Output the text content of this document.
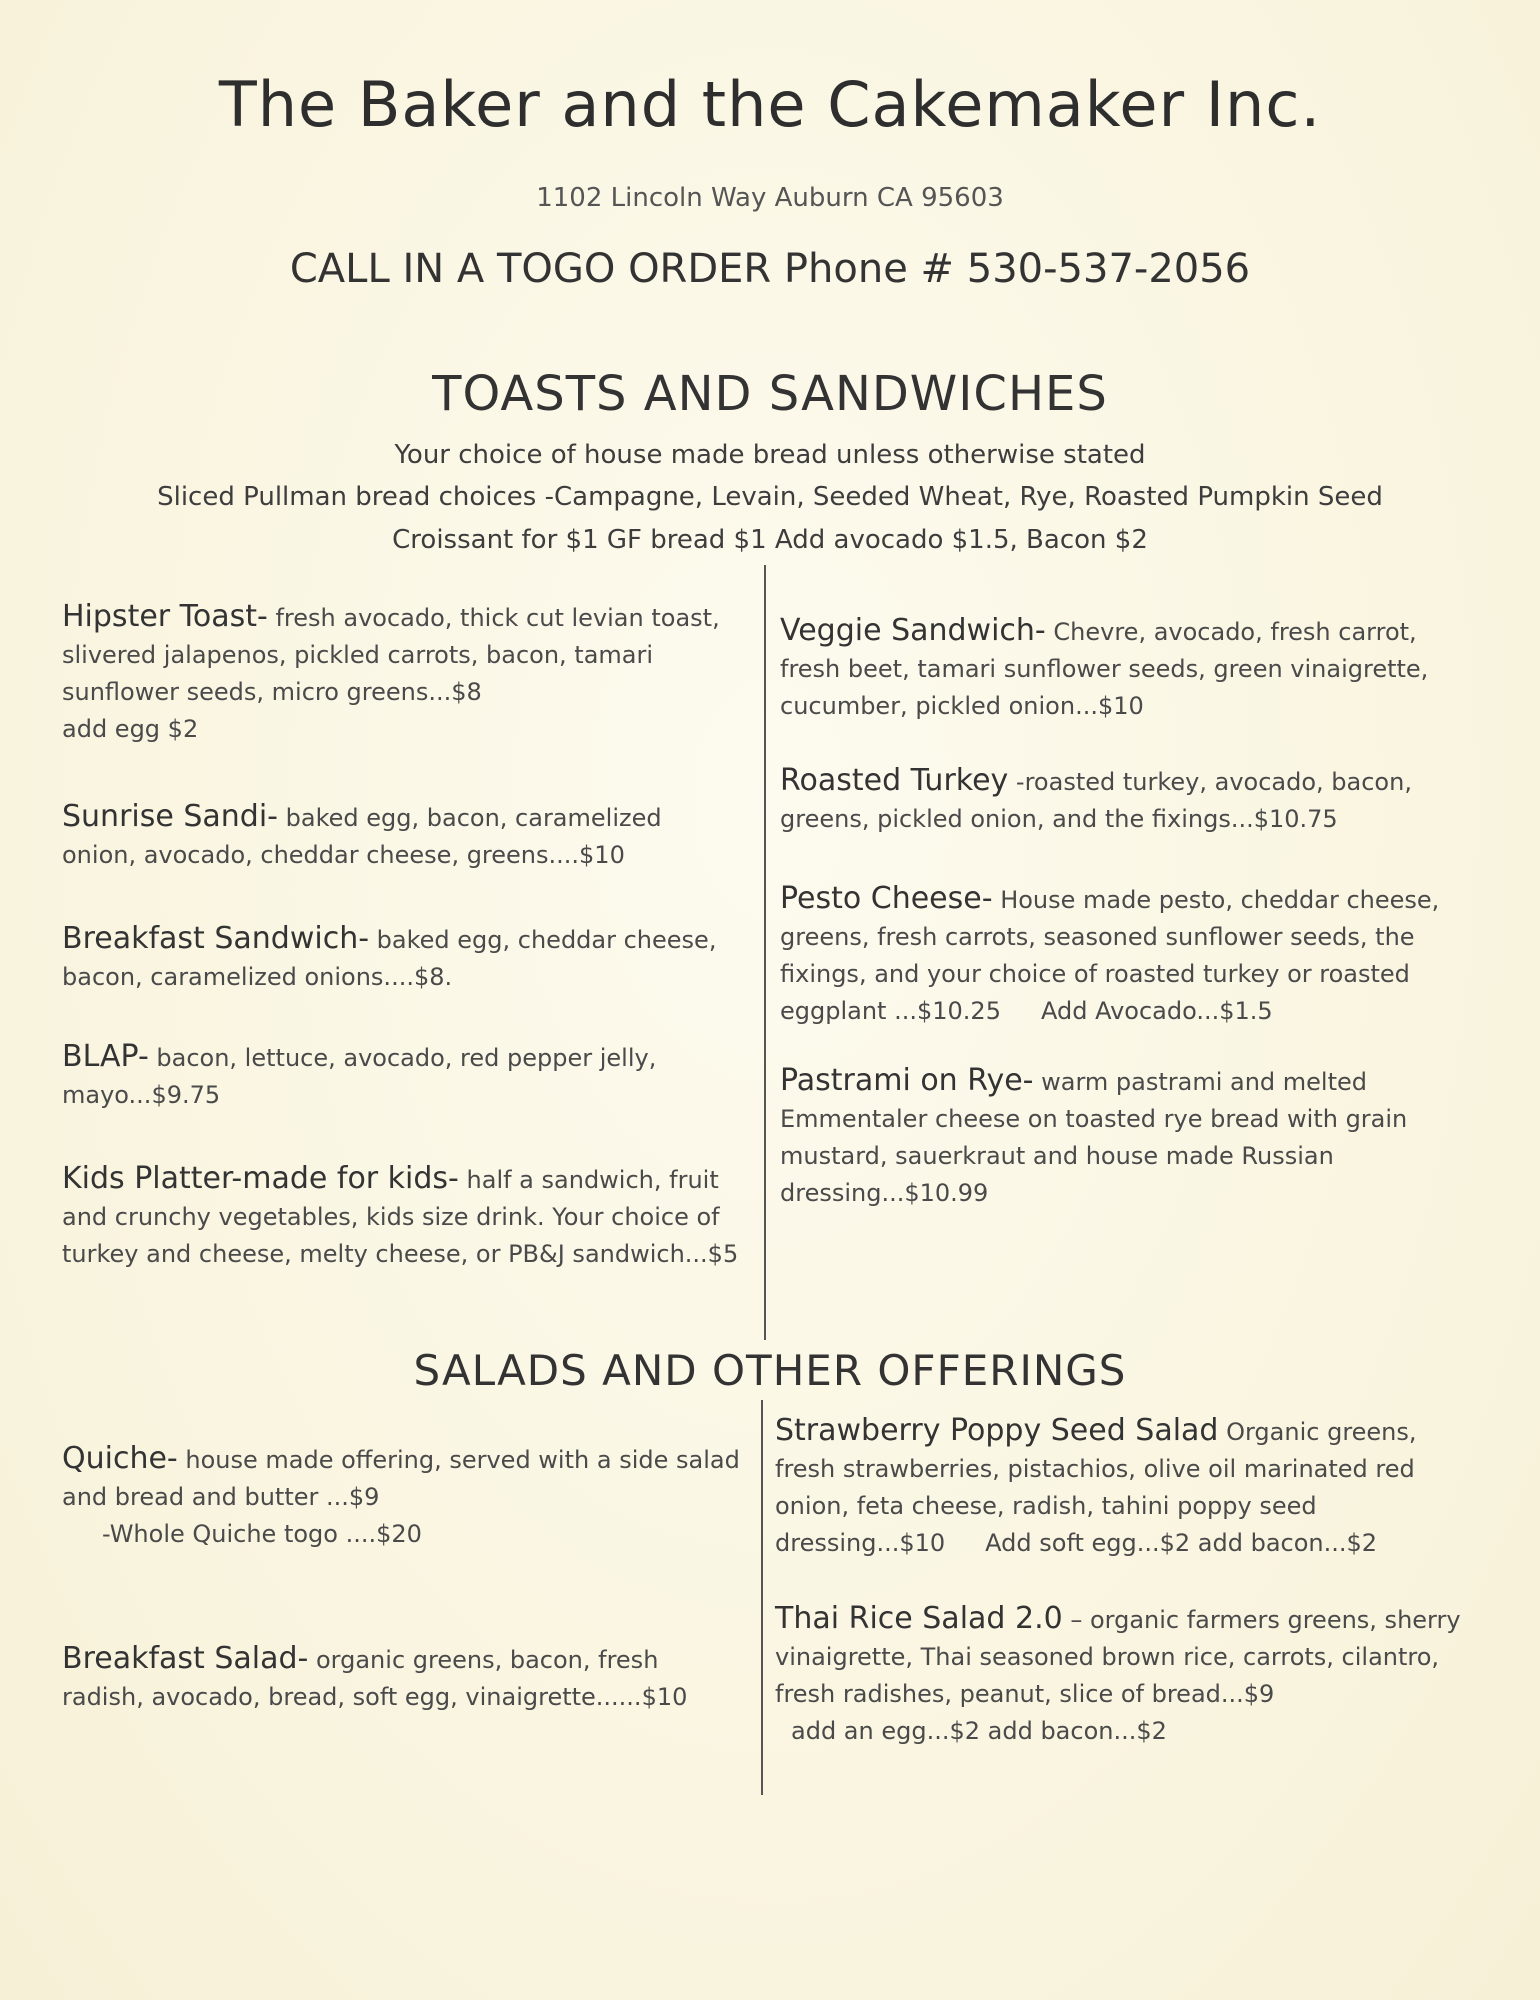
The Baker and the Cakemaker Inc.
1102 Lincoln Way Auburn CA 95603
CALL IN A TOGO ORDER Phone # 530-537-2056
TOASTS AND SANDWICHES
Your choice of house made bread unless otherwise stated
Sliced Pullman bread choices -Campagne, Levain, Seeded Wheat, Rye, Roasted Pumpkin Seed
Croissant for $1 GF bread $1 Add avocado $1.5, Bacon $2
Hipster Toast- fresh avocado, thick cut levian toast, slivered jalapenos, pickled carrots, bacon, tamari sunflower seeds, micro greens...$8
add egg $2
Sunrise Sandi- baked egg, bacon, caramelized onion, avocado, cheddar cheese, greens....$10
Breakfast Sandwich- baked egg, cheddar cheese, bacon, caramelized onions....$8.
BLAP- bacon, lettuce, avocado, red pepper jelly, mayo...$9.75
Kids Platter-made for kids- half a sandwich, fruit and crunchy vegetables, kids size drink. Your choice of turkey and cheese, melty cheese, or PB&J sandwich...$5
Veggie Sandwich- Chevre, avocado, fresh carrot, fresh beet, tamari sunflower seeds, green vinaigrette, cucumber, pickled onion...$10
Roasted Turkey -roasted turkey, avocado, bacon, greens, pickled onion, and the fixings...$10.75
Pesto Cheese- House made pesto, cheddar cheese, greens, fresh carrots, seasoned sunflower seeds, the fixings, and your choice of roasted turkey or roasted eggplant ...$10.25 Add Avocado...$1.5
Pastrami on Rye- warm pastrami and melted Emmentaler cheese on toasted rye bread with grain mustard, sauerkraut and house made Russian dressing...$10.99
SALADS AND OTHER OFFERINGS
Quiche- house made offering, served with a side salad and bread and butter ...$9
-Whole Quiche togo ....$20
Breakfast Salad- organic greens, bacon, fresh radish, avocado, bread, soft egg, vinaigrette......$10
Strawberry Poppy Seed Salad Organic greens, fresh strawberries, pistachios, olive oil marinated red onion, feta cheese, radish, tahini poppy seed dressing...$10 Add soft egg...$2 add bacon...$2
Thai Rice Salad 2.0 – organic farmers greens, sherry vinaigrette, Thai seasoned brown rice, carrots, cilantro, fresh radishes, peanut, slice of bread...$9
add an egg...$2 add bacon...$2
